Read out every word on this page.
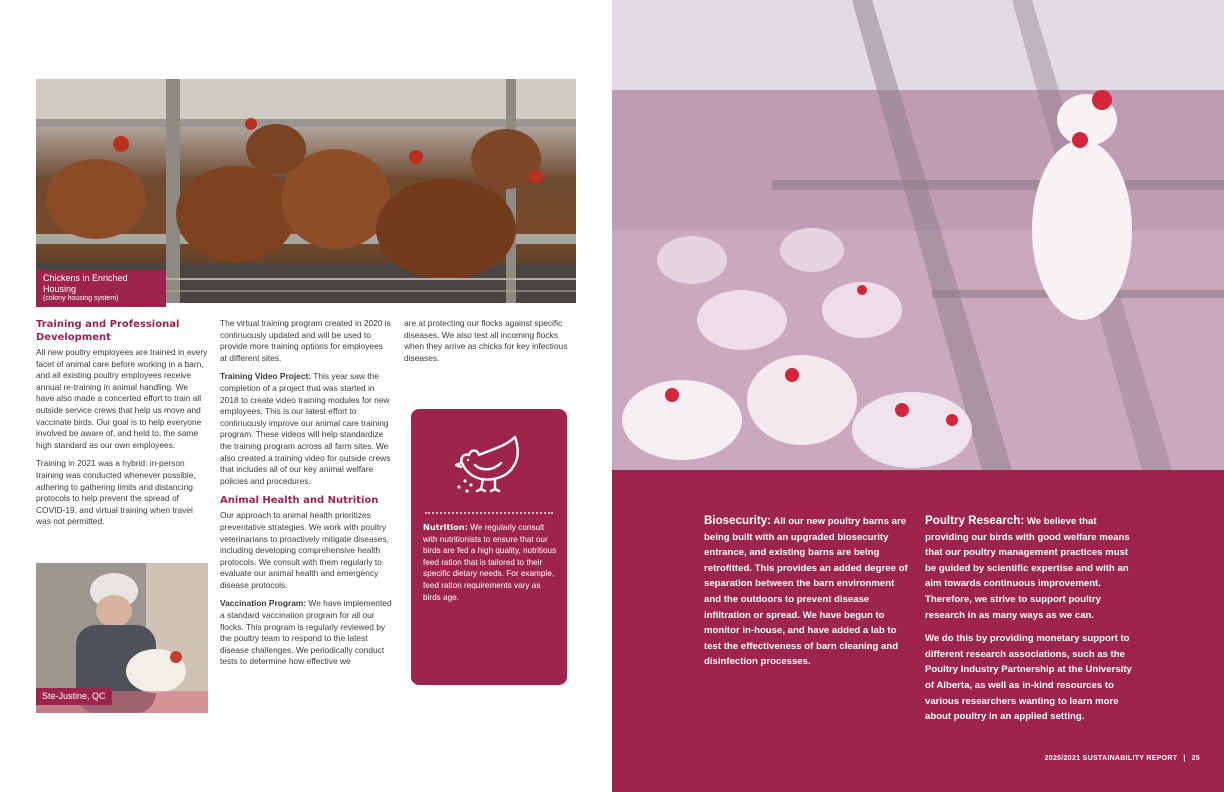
Chickens in Enriched Housing
(colony housing system)
Training and Professional Development

All new poultry employees are trained in every facet of animal care before working in a barn, and all existing poultry employees receive annual re-training in animal handling. We have also made a concerted effort to train all outside service crews that help us move and vaccinate birds. Our goal is to help everyone involved be aware of, and held to, the same high standard as our own employees.

Training in 2021 was a hybrid: in-person training was conducted whenever possible, adhering to gathering limits and distancing protocols to help prevent the spread of COVID-19, and virtual training when travel was not permitted.

Ste-Justine, QC

The virtual training program created in 2020 is continuously updated and will be used to provide more training options for employees at different sites.

Training Video Project: This year saw the completion of a project that was started in 2018 to create video training modules for new employees. This is our latest effort to continuously improve our animal care training program. These videos will help standardize the training program across all farm sites. We also created a training video for outside crews that includes all of our key animal welfare policies and procedures.

Animal Health and Nutrition

Our approach to animal health prioritizes preventative strategies. We work with poultry veterinarians to proactively mitigate diseases, including developing comprehensive health protocols. We consult with them regularly to evaluate our animal health and emergency disease protocols.

Vaccination Program: We have implemented a standard vaccination program for all our flocks. This program is regularly reviewed by the poultry team to respond to the latest disease challenges. We periodically conduct tests to determine how effective we

are at protecting our flocks against specific diseases. We also test all incoming flocks when they arrive as chicks for key infectious diseases.

Nutrition: We regularly consult with nutritionists to ensure that our birds are fed a high quality, nutritious feed ration that is tailored to their specific dietary needs. For example, feed ration requirements vary as birds age.

Biosecurity: All our new poultry barns are being built with an upgraded biosecurity entrance, and existing barns are being retrofitted. This provides an added degree of separation between the barn environment and the outdoors to prevent disease infiltration or spread. We have begun to monitor in-house, and have added a lab to test the effectiveness of barn cleaning and disinfection processes.

Poultry Research: We believe that providing our birds with good welfare means that our poultry management practices must be guided by scientific expertise and with an aim towards continuous improvement. Therefore, we strive to support poultry research in as many ways as we can.

We do this by providing monetary support to different research associations, such as the Poultry Industry Partnership at the University of Alberta, as well as in-kind resources to various researchers wanting to learn more about poultry in an applied setting.

2020/2021 SUSTAINABILITY REPORT | 25
